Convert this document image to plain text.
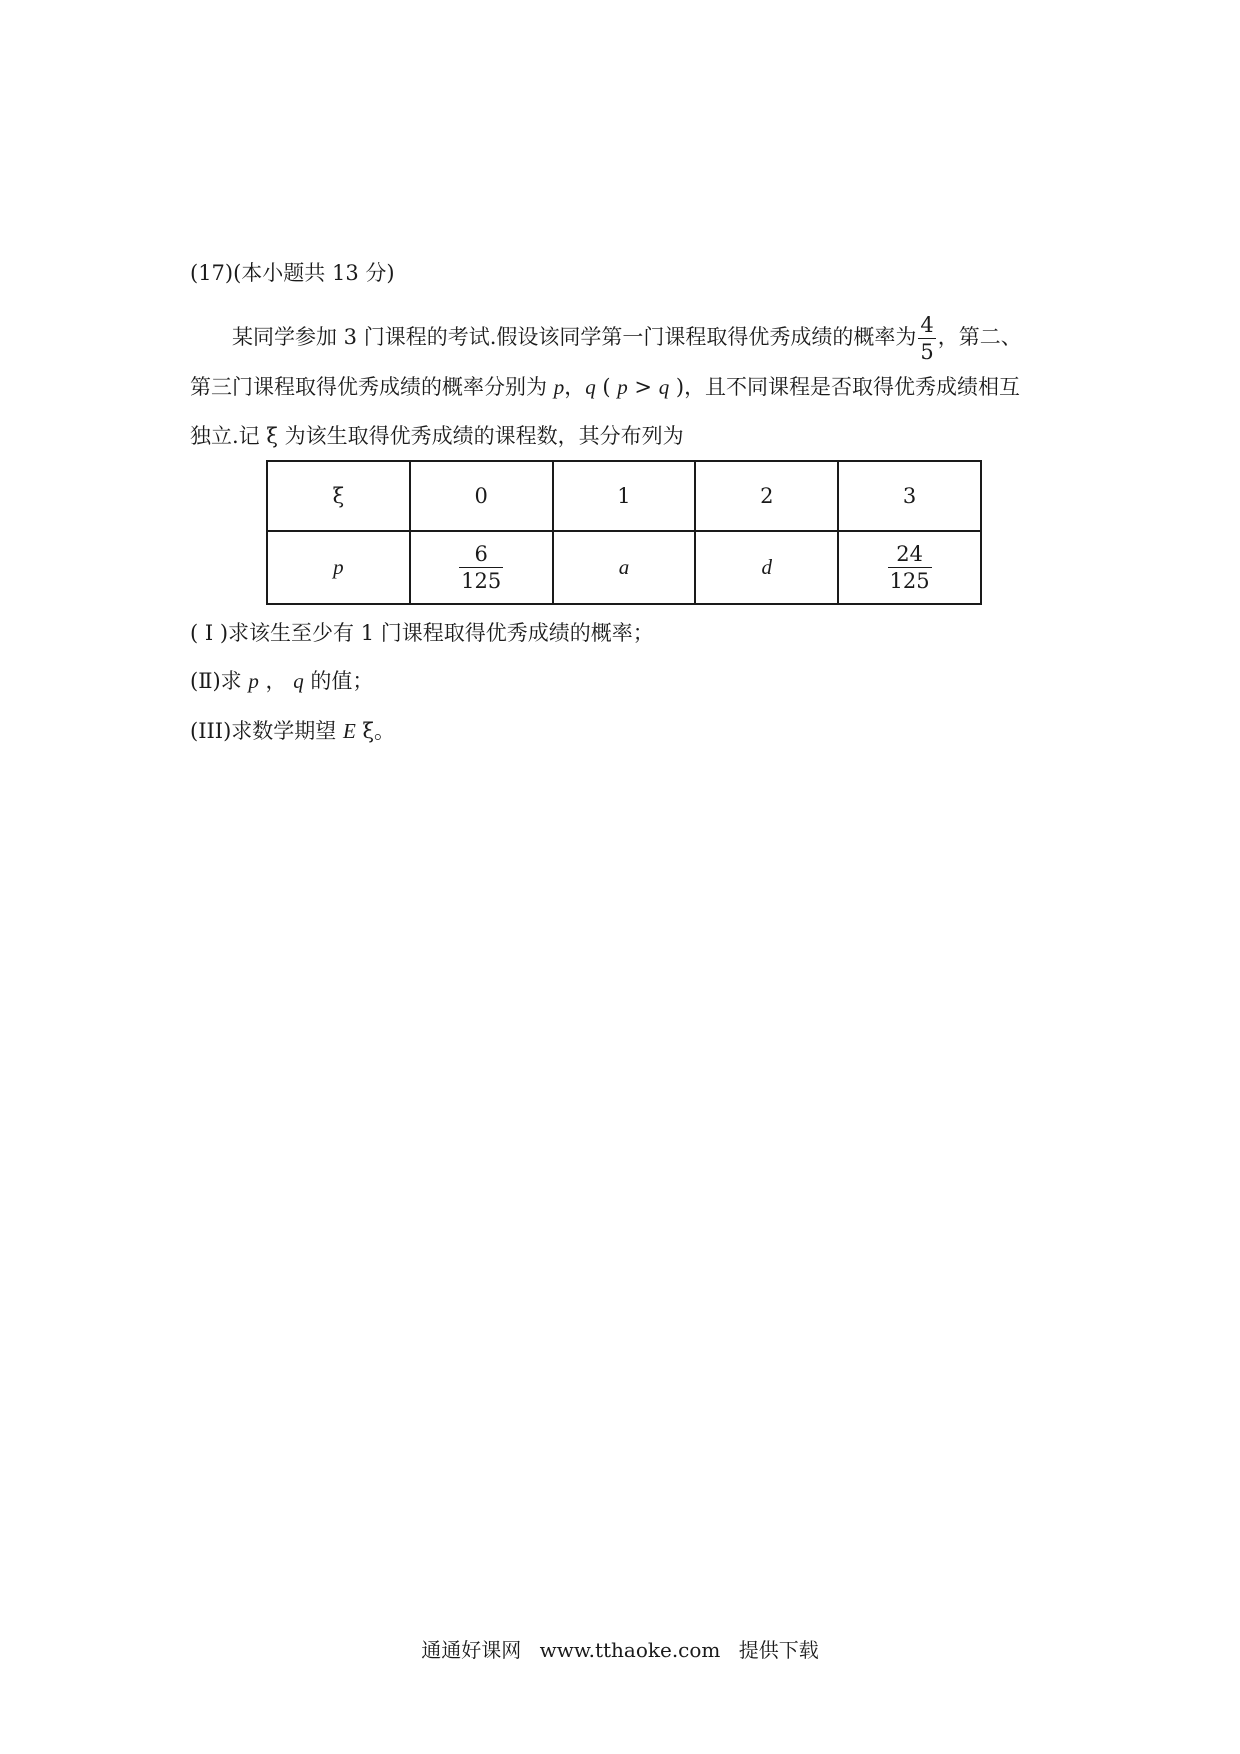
(17)(本小题共 13 分)
某同学参加 3 门课程的考试.假设该同学第一门课程取得优秀成绩的概率为 $\frac{4}{5}$ ，第二、
第三门课程取得优秀成绩的概率分别为 p，q ( p > q )，且不同课程是否取得优秀成绩相互
独立.记 ξ 为该生取得优秀成绩的课程数，其分布列为
ξ	0	1	2	3
p	$\frac{6}{125}$	a	d	$\frac{24}{125}$
( I )求该生至少有 1 门课程取得优秀成绩的概率；
(Ⅱ)求 p ， q 的值；
(III)求数学期望 E ξ。
通通好课网 www.tthaoke.com 提供下载
